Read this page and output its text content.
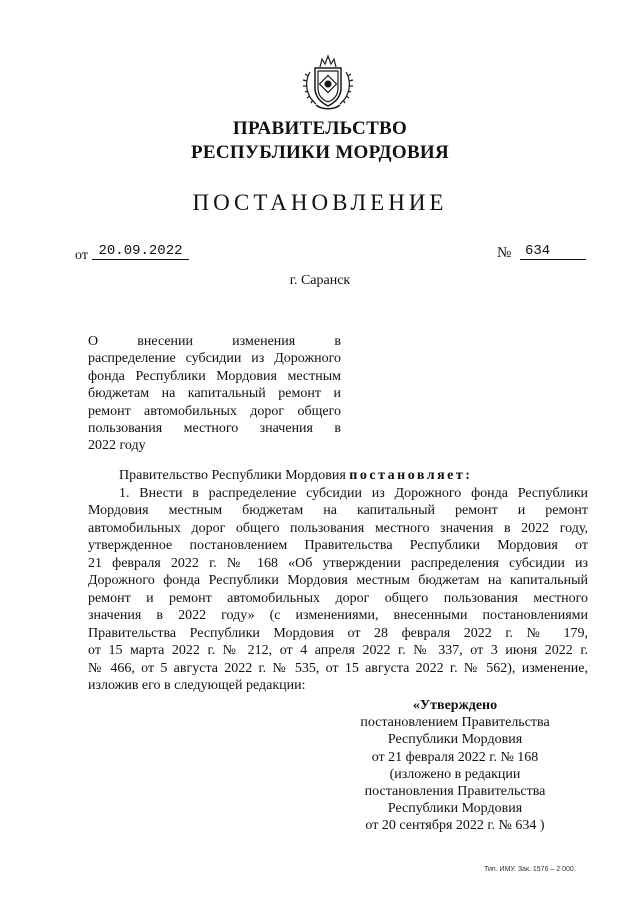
ПРАВИТЕЛЬСТВО
РЕСПУБЛИКИ МОРДОВИЯ
ПОСТАНОВЛЕНИЕ
от 20.09.2022	№ 634
г. Саранск
О внесении изменения в
распределение субсидии из Дорожного
фонда Республики Мордовия местным
бюджетам на капитальный ремонт и
ремонт автомобильных дорог общего
пользования местного значения в
2022 году
Правительство Республики Мордовия постановляет:
1. Внести в распределение субсидии из Дорожного фонда Республики
Мордовия местным бюджетам на капитальный ремонт и ремонт
автомобильных дорог общего пользования местного значения в 2022 году,
утвержденное постановлением Правительства Республики Мордовия от
21 февраля 2022 г. № 168 «Об утверждении распределения субсидии из
Дорожного фонда Республики Мордовия местным бюджетам на капитальный
ремонт и ремонт автомобильных дорог общего пользования местного
значения в 2022 году» (с изменениями, внесенными постановлениями
Правительства Республики Мордовия от 28 февраля 2022 г. № 179,
от 15 марта 2022 г. № 212, от 4 апреля 2022 г. № 337, от 3 июня 2022 г.
№ 466, от 5 августа 2022 г. № 535, от 15 августа 2022 г. № 562), изменение,
изложив его в следующей редакции:
«Утверждено
постановлением Правительства
Республики Мордовия
от 21 февраля 2022 г. № 168
(изложено в редакции
постановления Правительства
Республики Мордовия
от 20 сентября 2022 г. № 634 )
Тип. ИМУ. Зак. 1576 – 2 000.
